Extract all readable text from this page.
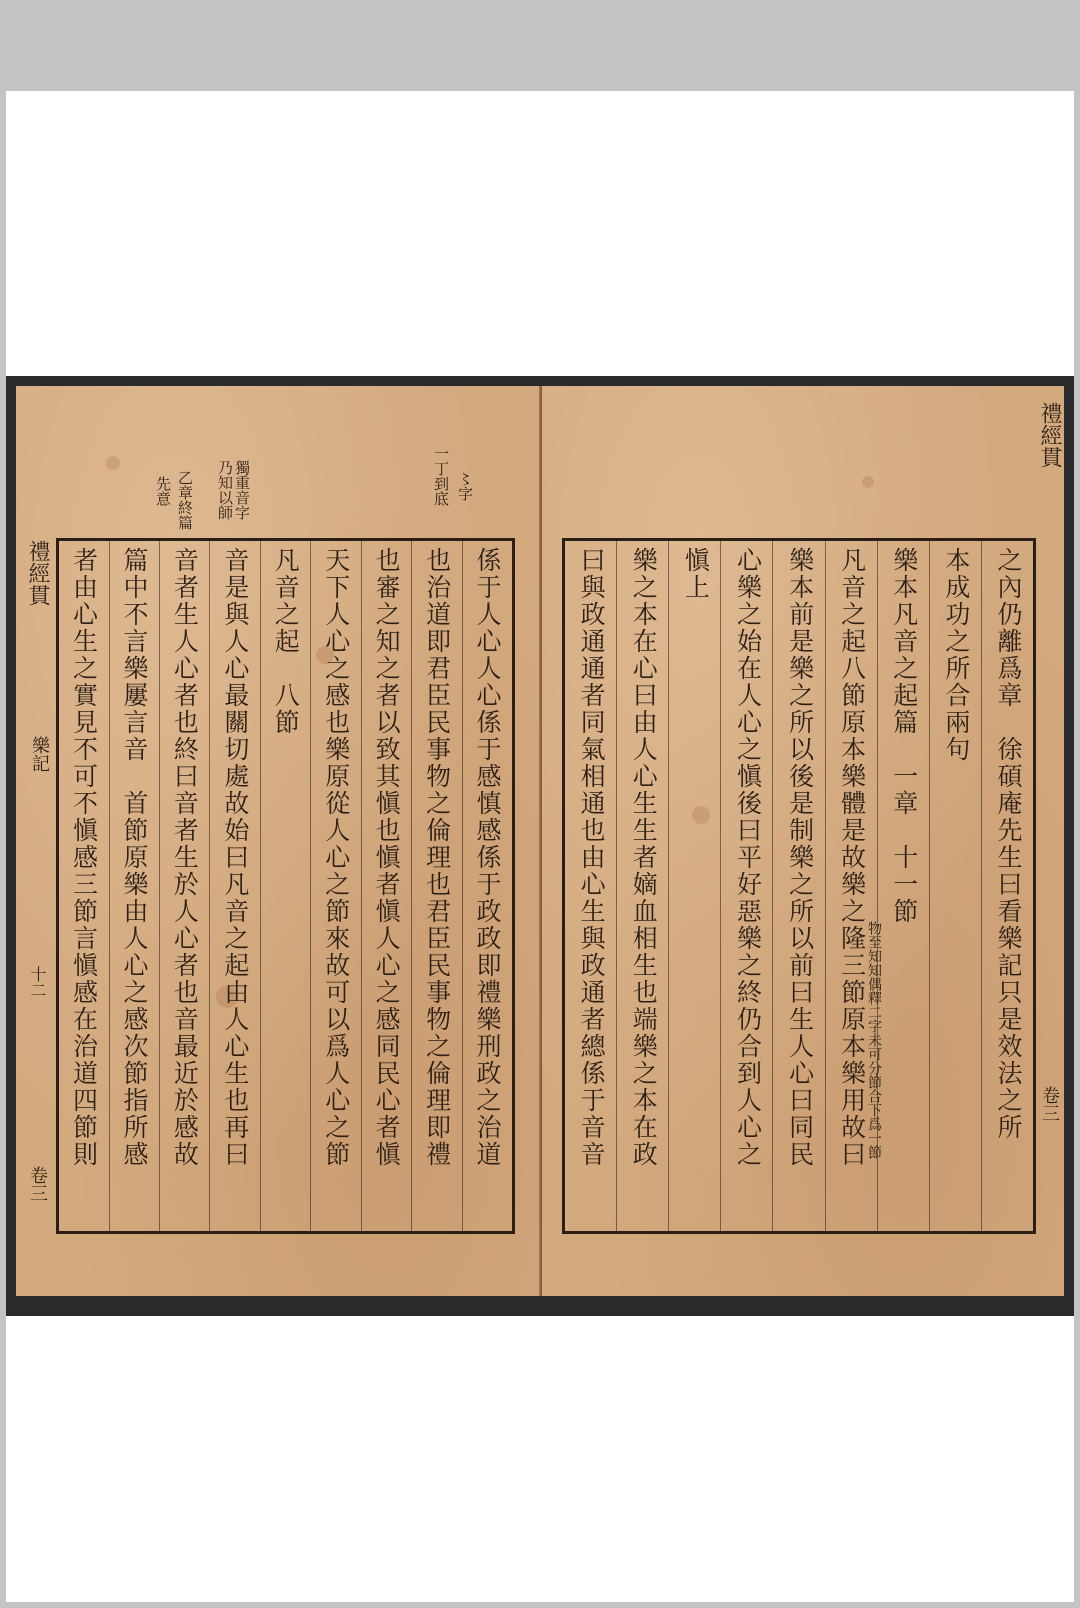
一丁到底 〻字
獨重音字乃知以師
乙章終篇
先意
禮經貫
樂記
十二
卷三
係于人心人心係于感慎感係于政政即禮樂刑政之治道
也治道即君臣民事物之倫理也君臣民事物之倫理即禮
也審之知之者以致其愼也愼者愼人心之感同民心者愼
天下人心之感也樂原從人心之節來故可以爲人心之節
凡音之起　八節
音是與人心最關切處故始曰凡音之起由人心生也再曰
音者生人心者也終曰音者生於人心者也音最近於感故
篇中不言樂屢言音　首節原樂由人心之感次節指所感
者由心生之實見不可不愼感三節言愼感在治道四節則
禮經貫
卷三
之內仍離爲章　徐碩庵先生曰看樂記只是效法之所
本成功之所合兩句
樂本凡音之起篇　一章　十一節
凡音之起八節原本樂體是故樂之隆三節原本樂用故曰
樂本前是樂之所以後是制樂之所以前曰生人心曰同民
心樂之始在人心之愼後曰平好惡樂之終仍合到人心之
愼上
樂之本在心曰由人心生生者嫡血相生也端樂之本在政
曰與政通通者同氣相通也由心生與政通者總係于音音	物至知知偶釋二字未可分節合下爲一節
